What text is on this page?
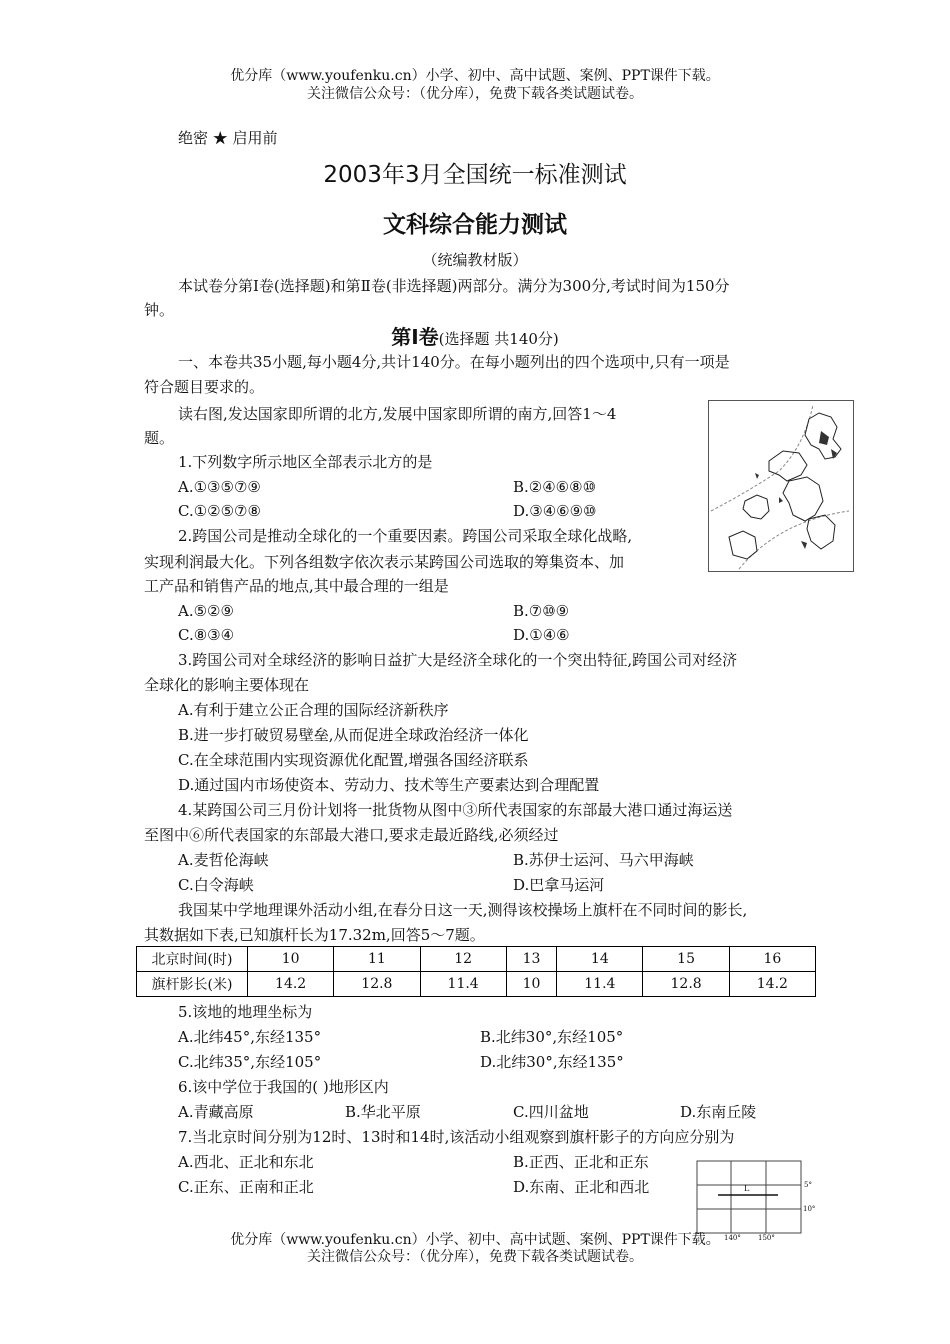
优分库（www.youfenku.cn）小学、初中、高中试题、案例、PPT课件下载。
关注微信公众号：（优分库），免费下载各类试题试卷。
绝密 ★ 启用前
2003年3月全国统一标准测试
文科综合能力测试
（统编教材版）
本试卷分第Ⅰ卷(选择题)和第Ⅱ卷(非选择题)两部分。满分为300分,考试时间为150分
钟。
第Ⅰ卷(选择题 共140分)
一、本卷共35小题,每小题4分,共计140分。在每小题列出的四个选项中,只有一项是
符合题目要求的。
读右图,发达国家即所谓的北方,发展中国家即所谓的南方,回答1～4
题。
1.下列数字所示地区全部表示北方的是
A.①③⑤⑦⑨	B.②④⑥⑧⑩
C.①②⑤⑦⑧	D.③④⑥⑨⑩
2.跨国公司是推动全球化的一个重要因素。跨国公司采取全球化战略,
实现利润最大化。下列各组数字依次表示某跨国公司选取的筹集资本、加
工产品和销售产品的地点,其中最合理的一组是
A.⑤②⑨	B.⑦⑩⑨
C.⑧③④	D.①④⑥
3.跨国公司对全球经济的影响日益扩大是经济全球化的一个突出特征,跨国公司对经济
全球化的影响主要体现在
A.有利于建立公正合理的国际经济新秩序
B.进一步打破贸易壁垒,从而促进全球政治经济一体化
C.在全球范围内实现资源优化配置,增强各国经济联系
D.通过国内市场使资本、劳动力、技术等生产要素达到合理配置
4.某跨国公司三月份计划将一批货物从图中③所代表国家的东部最大港口通过海运送
至图中⑥所代表国家的东部最大港口,要求走最近路线,必须经过
A.麦哲伦海峡	B.苏伊士运河、马六甲海峡
C.白令海峡	D.巴拿马运河
我国某中学地理课外活动小组,在春分日这一天,测得该校操场上旗杆在不同时间的影长,
其数据如下表,已知旗杆长为17.32m,回答5～7题。
北京时间(时)	10	11	12	13	14	15	16
旗杆影长(米)	14.2	12.8	11.4	10	11.4	12.8	14.2
5.该地的地理坐标为
A.北纬45°,东经135°	B.北纬30°,东经105°
C.北纬35°,东经105°	D.北纬30°,东经135°
6.该中学位于我国的( )地形区内
A.青藏高原	B.华北平原	C.四川盆地	D.东南丘陵
7.当北京时间分别为12时、13时和14时,该活动小组观察到旗杆影子的方向应分别为
A.西北、正北和东北	B.正西、正北和正东
C.正东、正南和正北	D.东南、正北和西北	L	5°
10°
140° 150°
优分库（www.youfenku.cn）小学、初中、高中试题、案例、PPT课件下载。
关注微信公众号：（优分库），免费下载各类试题试卷。
